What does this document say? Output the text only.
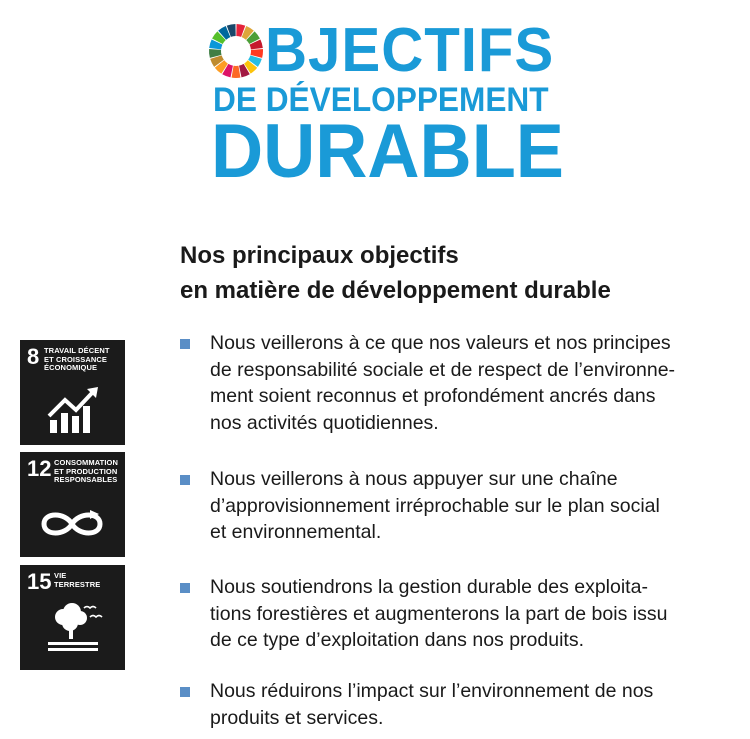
BJECTIFS
DE DÉVELOPPEMENT
DURABLE
Nos principaux objectifs
en matière de développement durable
8 TRAVAIL DÉCENT
ET CROISSANCE
ÉCONOMIQUE
12 CONSOMMATION
ET PRODUCTION
RESPONSABLES
15 VIE
TERRESTRE
Nous veillerons à ce que nos valeurs et nos principes
de responsabilité sociale et de respect de l’environne-
ment soient reconnus et profondément ancrés dans
nos activités quotidiennes.
Nous veillerons à nous appuyer sur une chaîne
d’approvisionnement irréprochable sur le plan social
et environnemental.
Nous soutiendrons la gestion durable des exploita-
tions forestières et augmenterons la part de bois issu
de ce type d’exploitation dans nos produits.
Nous réduirons l’impact sur l’environnement de nos
produits et services.
